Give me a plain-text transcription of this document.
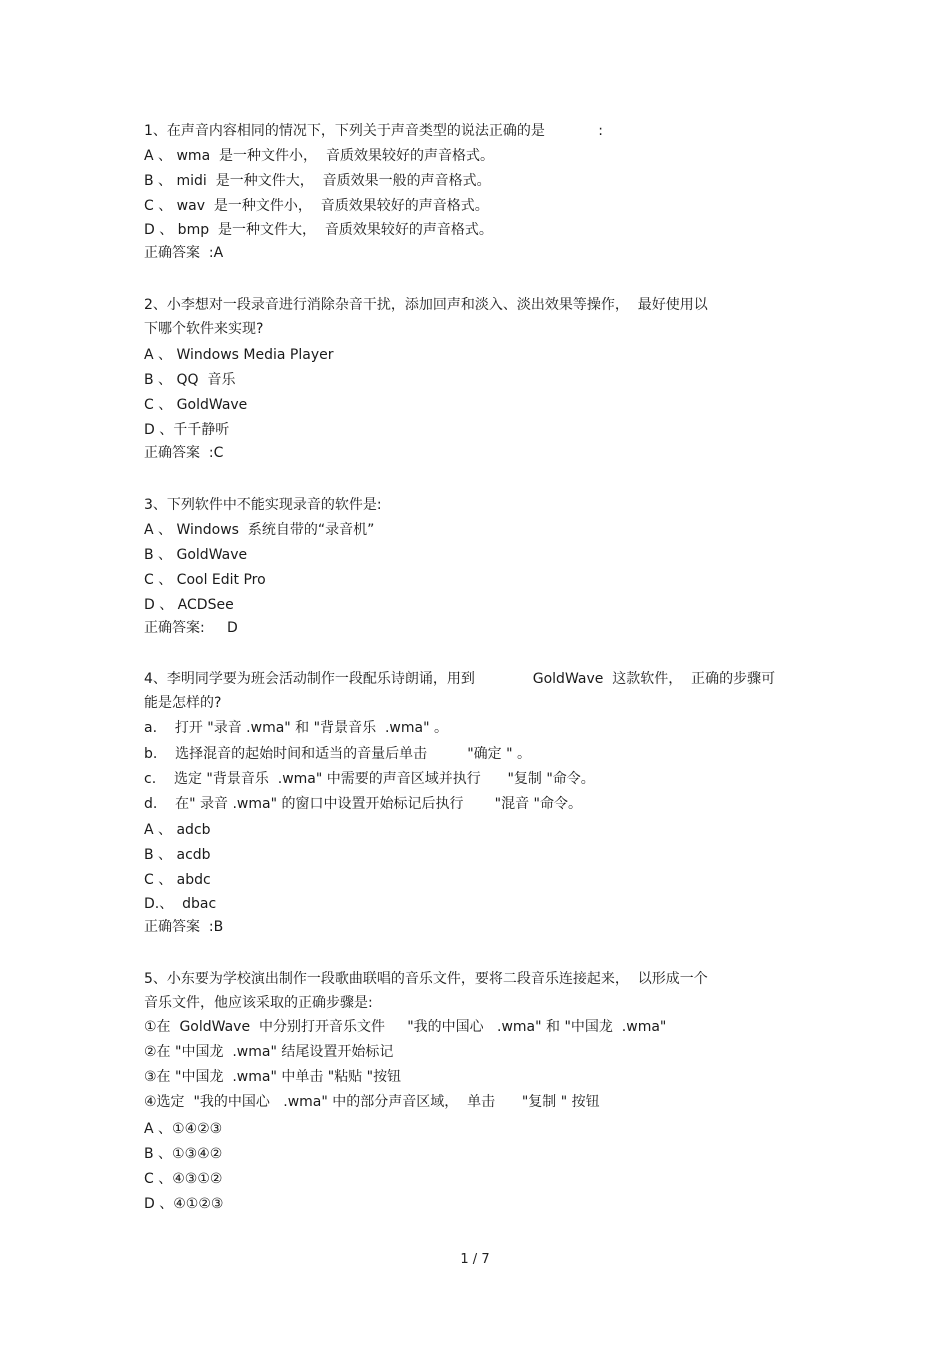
1、在声音内容相同的情况下，下列关于声音类型的说法正确的是            :
A 、 wma  是一种文件小，  音质效果较好的声音格式。
B 、 midi  是一种文件大，  音质效果一般的声音格式。
C 、 wav  是一种文件小，  音质效果较好的声音格式。
D 、 bmp  是一种文件大，  音质效果较好的声音格式。
正确答案  :A
2、小李想对一段录音进行消除杂音干扰，添加回声和淡入、淡出效果等操作，  最好使用以
下哪个软件来实现?
A 、 Windows Media Player
B 、 QQ  音乐
C 、 GoldWave
D 、千千静听
正确答案  :C
3、下列软件中不能实现录音的软件是:
A 、 Windows  系统自带的“录音机”
B 、 GoldWave
C 、 Cool Edit Pro
D 、 ACDSee
正确答案:     D
4、李明同学要为班会活动制作一段配乐诗朗诵，用到             GoldWave  这款软件，  正确的步骤可
能是怎样的?
a.    打开 "录音 .wma" 和 "背景音乐  .wma" 。
b.    选择混音的起始时间和适当的音量后单击         "确定 " 。
c.    选定 "背景音乐  .wma" 中需要的声音区域并执行      "复制 "命令。
d.    在" 录音 .wma" 的窗口中设置开始标记后执行       "混音 "命令。
A 、 adcb
B 、 acdb
C 、 abdc
D.、  dbac
正确答案  :B
5、小东要为学校演出制作一段歌曲联唱的音乐文件，要将二段音乐连接起来，  以形成一个
音乐文件，他应该采取的正确步骤是:
①在  GoldWave  中分别打开音乐文件     "我的中国心   .wma" 和 "中国龙  .wma"
②在 "中国龙  .wma" 结尾设置开始标记
③在 "中国龙  .wma" 中单击 "粘贴 "按钮
④选定  "我的中国心   .wma" 中的部分声音区域，  单击      "复制 " 按钮
A 、①④②③
B 、①③④②
C 、④③①②
D 、④①②③
1 / 7
